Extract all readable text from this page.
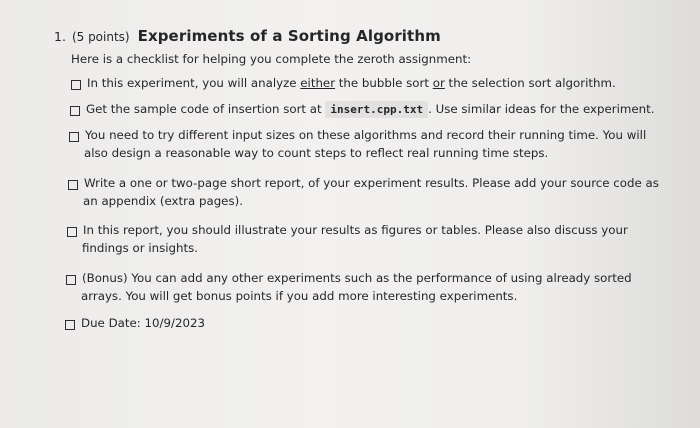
1. (5 points) Experiments of a Sorting Algorithm
Here is a checklist for helping you complete the zeroth assignment:
In this experiment, you will analyze either the bubble sort or the selection sort algorithm.
Get the sample code of insertion sort at insert.cpp.txt . Use similar ideas for the experiment.
You need to try different input sizes on these algorithms and record their running time. You will
also design a reasonable way to count steps to reflect real running time steps.
Write a one or two-page short report, of your experiment results. Please add your source code as
an appendix (extra pages).
In this report, you should illustrate your results as figures or tables. Please also discuss your
findings or insights.
(Bonus) You can add any other experiments such as the performance of using already sorted
arrays. You will get bonus points if you add more interesting experiments.
Due Date: 10/9/2023
